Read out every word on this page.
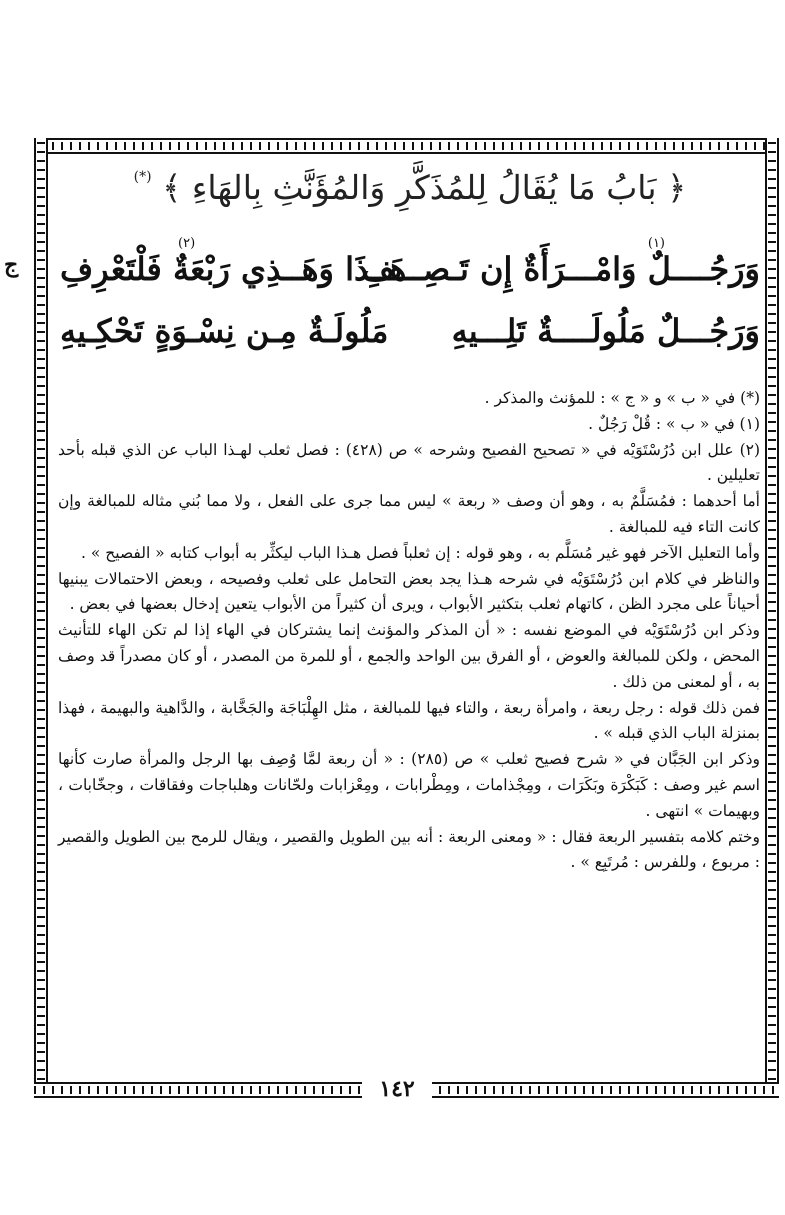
ج
﴿ بَابُ مَا يُقَالُ لِلمُذَكَّرِ وَالمُؤَنَّثِ بِالهَاءِ ﴾ (*)
وَرَجُــــلٌ وَامْـــرَأَةٌ إِن تَـصِـــفِ
هَــذَا وَهَــذِي رَبْعَةٌ فَلْتَعْرِفِ
(١)
(٢)
وَرَجُـــلٌ مَلُولَــــةٌ تَلِـــيهِ
مَلُولَـةٌ مِـن نِسْـوَةٍ تَحْكِـيهِ

(*) في « ب » و « ج » : للمؤنث والمذكر .

(١) في « ب » : قُلْ رَجُلٌ .

(٢) علل ابن دُرُسْتَوَيْه في « تصحيح الفصيح وشرحه » ص (٤٢٨) : فصل ثعلب لهـذا الباب عن الذي قبله بأحد تعليلين .

أما أحدهما : فمُسَلَّمٌ به ، وهو أن وصف « ربعة » ليس مما جرى على الفعل ، ولا مما بُني مثاله للمبالغة وإن كانت التاء فيه للمبالغة .

وأما التعليل الآخر فهو غير مُسَلَّم به ، وهو قوله : إن ثعلباً فصل هـذا الباب ليكثِّر به أبواب كتابه « الفصيح » .

والناظر في كلام ابن دُرُسْتَوَيْه في شرحه هـذا يجد بعض التحامل على ثعلب وفصيحه ، وبعض الاحتمالات يبنيها أحياناً على مجرد الظن ، كاتهام ثعلب بتكثير الأبواب ، ويرى أن كثيراً من الأبواب يتعين إدخال بعضها في بعض .

وذكر ابن دُرُسْتَوَيْه في الموضع نفسه : « أن المذكر والمؤنث إنما يشتركان في الهاء إذا لم تكن الهاء للتأنيث المحض ، ولكن للمبالغة والعوض ، أو الفرق بين الواحد والجمع ، أو للمرة من المصدر ، أو كان مصدراً قد وصف به ، أو لمعنى من ذلك .

فمن ذلك قوله : رجل ربعة ، وامرأة ربعة ، والتاء فيها للمبالغة ، مثل الهِلْبَاجَة والجَخَّابة ، والدَّاهية والبهيمة ، فهذا بمنزلة الباب الذي قبله » .

وذكر ابن الجَبَّان في « شرح فصيح ثعلب » ص (٢٨٥) : « أن ربعة لمَّا وُصِف بها الرجل والمرأة صارت كأنها اسم غير وصف : كَبَكْرَة وبَكَرَات ، ومِجْذامات ، ومِطْرابات ، ومِعْزابات ولحّانات وهلباجات وفقاقات ، وجخّابات ، وبهيمات » انتهى .

وختم كلامه بتفسير الربعة فقال : « ومعنى الربعة : أنه بين الطويل والقصير ، ويقال للرمح بين الطويل والقصير : مربوع ، وللفرس : مُرتَبِع » .

١٤٢
